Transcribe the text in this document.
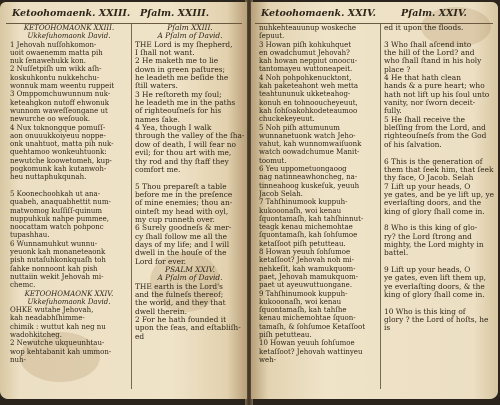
Ketoohomaenk. XXIII. Pſalm. XXIII.
KETOOHOMAONK XXIII.
Ukkeſuhomaonk David.
1 Jehovah nuſſohkomon-
uoit owaenemm matta pih
nuk ſenawehukk kon.
2 Nuſſetpiſh um wikk aſh-
koskuhkontu nukkehchu-
wonnuk mam weentu ruppeit
3 Omppomchuwunnum nuk-
keteahgkon nutoff ehwonuk
wunnom waweſſeongane ut
newurche oo weſouok.
4 Nux toknongque pomuſſ-
aon onuuukkoiyeuu noppe-
onk unahtuot, matta pih nuk-
quehtamoo wonkeuhtuonk:
newutche koowetomeh, kup-
pogkomunk kah kutanwoh-
heu nuttaphukqunah.

5 Koonechoohkah ut ana-
quabeh, anaquabhettit num-
matwomog kuſſiſſ-quinum
nuppuhkuk nahpe pummee,
noocattam watch pohponc
tupashhau.
6 Wunnamuhkut wunnu-
yeuonk kah monaneteaonk
pish nutaſuhkonkquaſh toh
ſahke nonnoont kah pish
nuttaiin wekit Jehovah mi-
chemc.
KETOOHOMAONK XXIV.
Ukkeſuhomaonk David.
OHKE wutahe Jehovah,
kah neadabhſhimme-
chimik : wuttut kah neg nu
wadohkitcheg.
2 Newutche ukqueunhtau-
wop kehtabanit kah ummon-
nuh-
Pſalm XXIII.
A Pſalm of David.
THE Lord is my ſhepherd,
I ſhall not want.
2 He maketh me to lie
down in green paſtures;
he leadeth me beſide the
ſtill waters.
3 He reſtoreth my ſoul;
he leadeth me in the paths
of righteouſneſs for his
names ſake.
4 Yea, though I walk
through the valley of the ſha-
dow of death, I will fear no
evil; for thou art with me,
thy rod and thy ſtaff they
comfort me.

5 Thou prepareſt a table
before me in the preſence
of mine enemies; thou an-
ointeſt my head with oyl,
my cup runneth over.
6 Surely goodneſs & mer-
cy ſhall follow me all the
days of my life; and I will
dwell in the houſe of the
Lord for ever.
PSALM XXIV.
A Pſalm of David.
THE earth is the Lord's
and the fulneſs thereof;
the world, and they that
dwell therein.
2 For he hath founded it
upon the ſeas, and eſtabliſh-
ed
Ketoohomaenk. XXIV.	Pſalm. XXIV.
nuhkehteauunup woskeche
ſepuut.
3 Howan piſh kohkuhquet
en owadchumut Jehovah?
kah howan neppiut onoocu-
tantomayeu wuttoneapeit.
4 Noh pohpohkenucktont,
kah paketeahont weh metta
teahtununuk ukketeahog-
konuh en tohnooucheyeuut,
kah ſohſoakohkodeteaumoo
chuckekeyeuut.
5 Noh piſh attumunum
wunnanetuonk watch Jeho-
vahut, kah wunnomwaiſuonk
watch oowadchumue Manit-
toomut.
6 Yeu uppometuongaoog
nag natinneawhoncheg, na-
tinneahoog kuskeſuk, yeuuh
Jacob Selah.
7 Tahſhinumook kuppuh-
kukooonaſh, woi kenau
ſquontamaſh, kah tahſhinnut-
teagk kenau michemohtae
ſquontamaſh, kah ſohſumoe
ketaſſoot piſh petutteau.
8 Howan yeuuh ſohſumoe
ketaſſoot? Jehovah noh mi-
nehkeſit, kah wamukquom-
paet, Jehovah mamukquom-
paet ut ayeuwuttuongane.
9 Tahſhinumook kuppuh-
kukooonaſh, woi kenau
ſquontamaſh, kah tahſhe
kenau michemohtae ſquon-
tamaſh, & ſohſumoe Ketaſſoot
piſh petutteau.
10 Howan yeuuh ſohſumoe
ketaſſoot? Jehovah wattinyeu
weh-
ed it upon the floods.

3 Who ſhall aſcend into
the hill of the Lord? and
who ſhall ſtand in his holy
place ?
4 He that hath clean
hands & a pure heart; who
hath not lift up his ſoul unto
vanity, nor ſworn deceit-
fully.
5 He ſhall receive the
bleſſing from the Lord, and
righteouſneſs from the God
of his ſalvation.

6 This is the generation of
them that ſeek him, that ſeek
thy face, O Jacob. Selah
7 Lift up your heads, O
ye gates, and be ye lift up, ye
everlaſting doors, and the
king of glory ſhall come in.

8 Who is this king of glo-
ry? the Lord ſtrong and
mighty, the Lord mighty in
battel.

9 Lift up your heads, O
ye gates, even lift them up,
ye everlaſting doors, & the
king of glory ſhall come in.

10 Who is this king of
glory ? the Lord of hoſts, he
is
